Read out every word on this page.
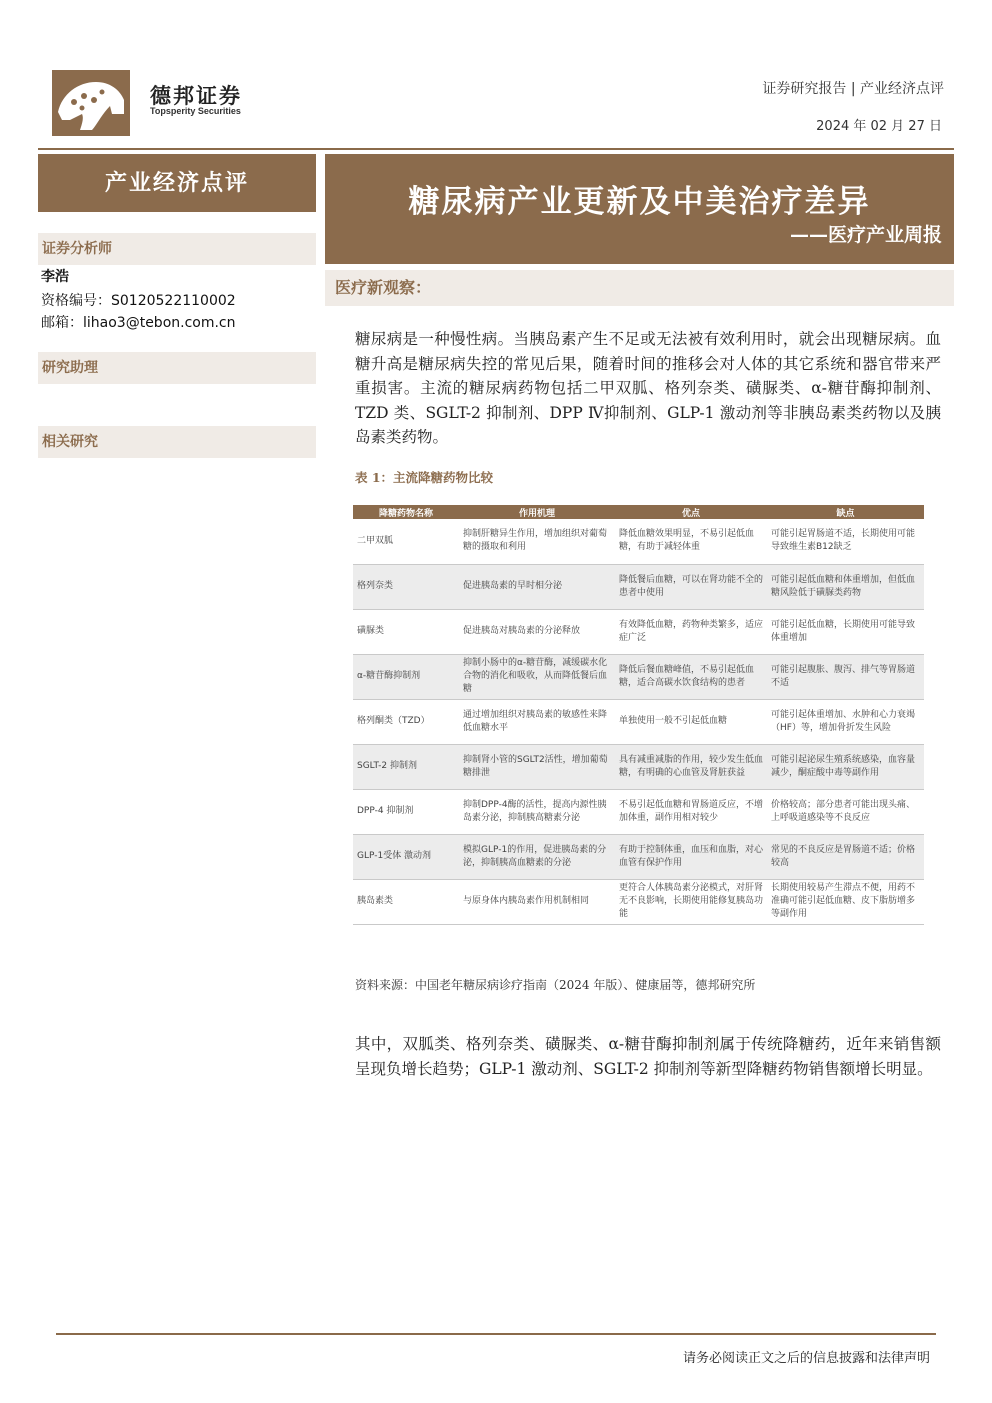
德邦证券
Topsperity Securities
证券研究报告 | 产业经济点评
2024 年 02 月 27 日
产业经济点评
证券分析师
李浩
资格编号：S0120522110002
邮箱：lihao3@tebon.com.cn
研究助理
相关研究
糖尿病产业更新及中美治疗差异
——医疗产业周报
医疗新观察：
糖尿病是一种慢性病。当胰岛素产生不足或无法被有效利用时，就会出现糖尿病。血糖升高是糖尿病失控的常见后果，随着时间的推移会对人体的其它系统和器官带来严重损害。主流的糖尿病药物包括二甲双胍、格列奈类、磺脲类、α-糖苷酶抑制剂、TZD 类、SGLT-2 抑制剂、DPP Ⅳ抑制剂、GLP-1 激动剂等非胰岛素类药物以及胰岛素类药物。
表 1：主流降糖药物比较
降糖药物名称	作用机理	优点	缺点
二甲双胍	抑制肝糖异生作用，增加组织对葡萄糖的摄取和利用	降低血糖效果明显，不易引起低血糖，有助于减轻体重	可能引起胃肠道不适，长期使用可能导致维生素B12缺乏
格列奈类	促进胰岛素的早时相分泌	降低餐后血糖，可以在肾功能不全的患者中使用	可能引起低血糖和体重增加，但低血糖风险低于磺脲类药物
磺脲类	促进胰岛对胰岛素的分泌释放	有效降低血糖，药物种类繁多，适应症广泛	可能引起低血糖，长期使用可能导致体重增加
α-糖苷酶抑制剂	抑制小肠中的α-糖苷酶，减缓碳水化合物的消化和吸收，从而降低餐后血糖	降低后餐血糖峰值，不易引起低血糖，适合高碳水饮食结构的患者	可能引起腹胀、腹泻、排气等胃肠道不适
格列酮类（TZD）	通过增加组织对胰岛素的敏感性来降低血糖水平	单独使用一般不引起低血糖	可能引起体重增加、水肿和心力衰竭（HF）等，增加骨折发生风险
SGLT-2 抑制剂	抑制肾小管的SGLT2活性，增加葡萄糖排泄	具有减重减脂的作用，较少发生低血糖，有明确的心血管及肾脏获益	可能引起泌尿生殖系统感染，血容量减少，酮症酸中毒等副作用
DPP-4 抑制剂	抑制DPP-4酶的活性，提高内源性胰岛素分泌，抑制胰高糖素分泌	不易引起低血糖和胃肠道反应，不增加体重，副作用相对较少	价格较高；部分患者可能出现头痛、上呼吸道感染等不良反应
GLP-1受体 激动剂	模拟GLP-1的作用，促进胰岛素的分泌，抑制胰高血糖素的分泌	有助于控制体重，血压和血脂，对心血管有保护作用	常见的不良反应是胃肠道不适；价格较高
胰岛素类	与原身体内胰岛素作用机制相同	更符合人体胰岛素分泌模式，对肝肾无不良影响，长期使用能修复胰岛功能	长期使用较易产生滞点不便，用药不准确可能引起低血糖、皮下脂肪增多等副作用
资料来源：中国老年糖尿病诊疗指南（2024 年版）、健康届等，德邦研究所
其中，双胍类、格列奈类、磺脲类、α-糖苷酶抑制剂属于传统降糖药，近年来销售额呈现负增长趋势；GLP-1 激动剂、SGLT-2 抑制剂等新型降糖药物销售额增长明显。
请务必阅读正文之后的信息披露和法律声明
